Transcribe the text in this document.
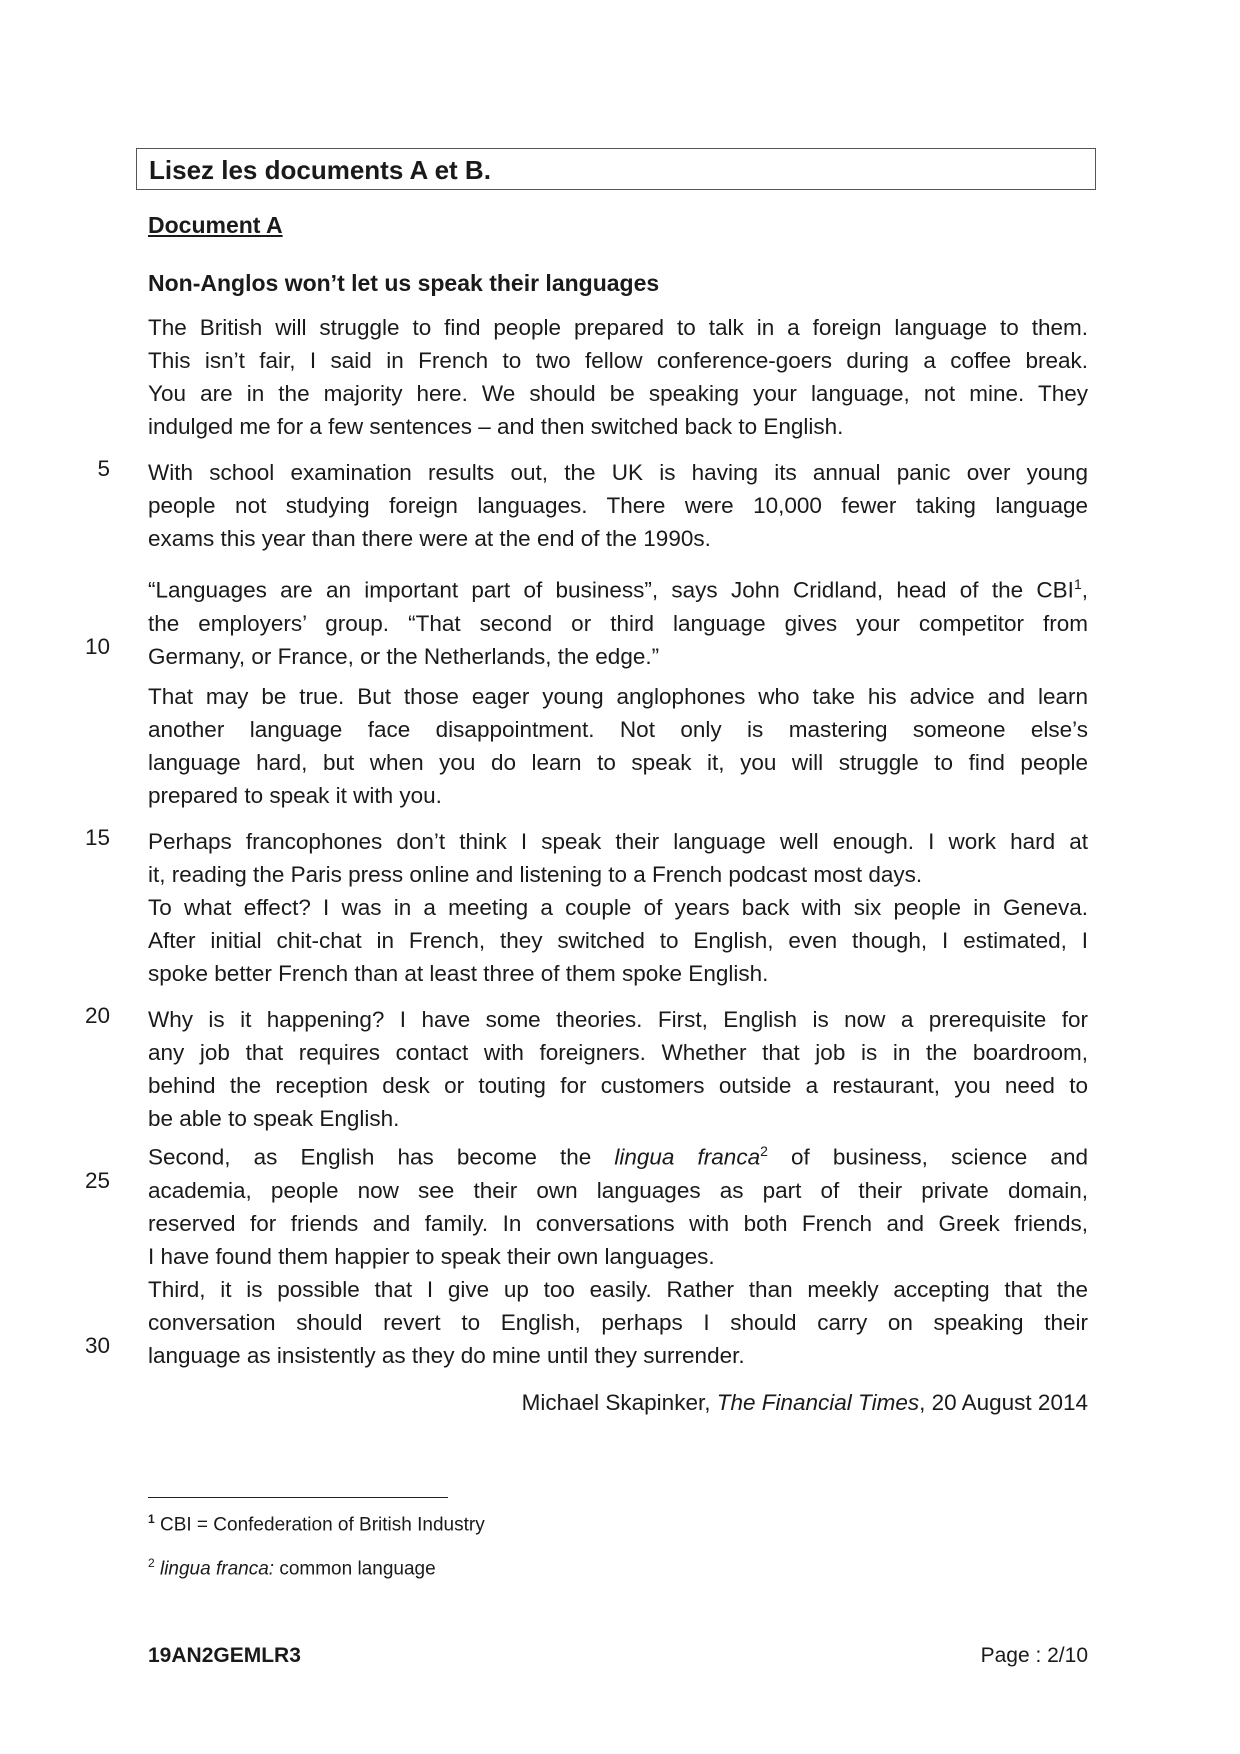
Lisez les documents A et B.
Document A
Non-Anglos won’t let us speak their languages
The British will struggle to find people prepared to talk in a foreign language to them.
This isn’t fair, I said in French to two fellow conference-goers during a coffee break.
You are in the majority here. We should be speaking your language, not mine. They
indulged me for a few sentences – and then switched back to English.
With school examination results out, the UK is having its annual panic over young
people not studying foreign languages. There were 10,000 fewer taking language
exams this year than there were at the end of the 1990s.
“Languages are an important part of business”, says John Cridland, head of the CBI$^1$,
the employers’ group. “That second or third language gives your competitor from
Germany, or France, or the Netherlands, the edge.”
That may be true. But those eager young anglophones who take his advice and learn
another language face disappointment. Not only is mastering someone else’s
language hard, but when you do learn to speak it, you will struggle to find people
prepared to speak it with you.
Perhaps francophones don’t think I speak their language well enough. I work hard at
it, reading the Paris press online and listening to a French podcast most days.
To what effect? I was in a meeting a couple of years back with six people in Geneva.
After initial chit-chat in French, they switched to English, even though, I estimated, I
spoke better French than at least three of them spoke English.
Why is it happening? I have some theories. First, English is now a prerequisite for
any job that requires contact with foreigners. Whether that job is in the boardroom,
behind the reception desk or touting for customers outside a restaurant, you need to
be able to speak English.
Second, as English has become the lingua franca$^2$ of business, science and
academia, people now see their own languages as part of their private domain,
reserved for friends and family. In conversations with both French and Greek friends,
I have found them happier to speak their own languages.
Third, it is possible that I give up too easily. Rather than meekly accepting that the
conversation should revert to English, perhaps I should carry on speaking their
language as insistently as they do mine until they surrender.
5
10
15
20
25
30
Michael Skapinker, The Financial Times, 20 August 2014
$^1$ CBI = Confederation of British Industry
$^2$ lingua franca: common language
19AN2GEMLR3	Page : 2/10
